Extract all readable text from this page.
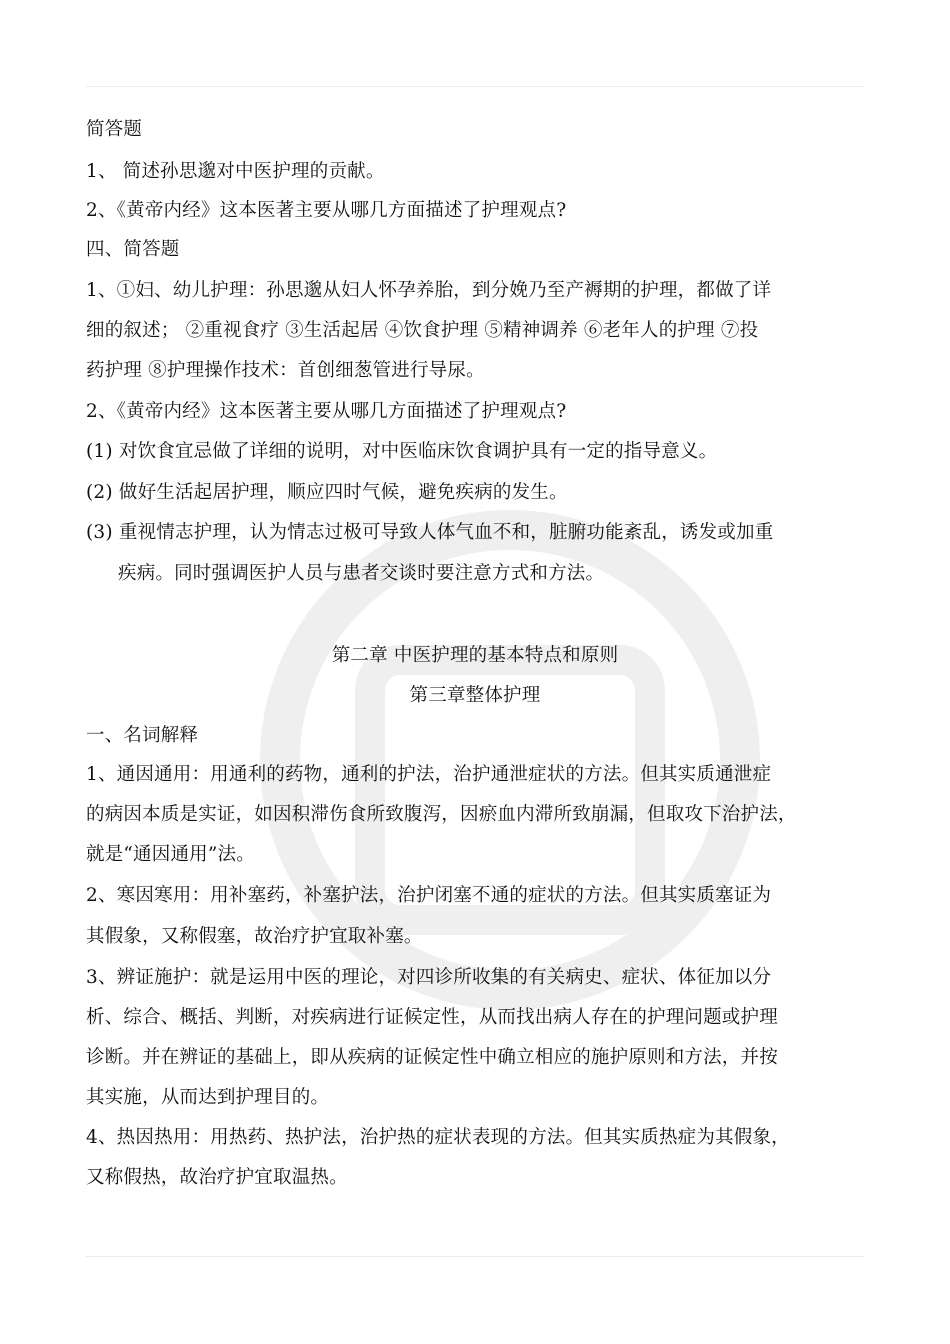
简答题
1、 简述孙思邈对中医护理的贡献。
2、《黄帝内经》这本医著主要从哪几方面描述了护理观点?
四、简答题
1、①妇、幼儿护理：孙思邈从妇人怀孕养胎，到分娩乃至产褥期的护理，都做了详
细的叙述； ②重视食疗 ③生活起居 ④饮食护理 ⑤精神调养 ⑥老年人的护理 ⑦投
药护理 ⑧护理操作技术：首创细葱管进行导尿。
2、《黄帝内经》这本医著主要从哪几方面描述了护理观点?
(1) 对饮食宜忌做了详细的说明，对中医临床饮食调护具有一定的指导意义。
(2) 做好生活起居护理，顺应四时气候，避免疾病的发生。
(3) 重视情志护理，认为情志过极可导致人体气血不和，脏腑功能紊乱，诱发或加重
疾病。同时强调医护人员与患者交谈时要注意方式和方法。
第二章 中医护理的基本特点和原则
第三章整体护理
一、名词解释
1、通因通用：用通利的药物，通利的护法，治护通泄症状的方法。但其实质通泄症
的病因本质是实证，如因积滞伤食所致腹泻，因瘀血内滞所致崩漏，但取攻下治护法，
就是“通因通用”法。
2、寒因寒用：用补塞药，补塞护法，治护闭塞不通的症状的方法。但其实质塞证为
其假象，又称假塞，故治疗护宜取补塞。
3、辨证施护：就是运用中医的理论，对四诊所收集的有关病史、症状、体征加以分
析、综合、概括、判断，对疾病进行证候定性，从而找出病人存在的护理问题或护理
诊断。并在辨证的基础上，即从疾病的证候定性中确立相应的施护原则和方法，并按
其实施，从而达到护理目的。
4、热因热用：用热药、热护法，治护热的症状表现的方法。但其实质热症为其假象，
又称假热，故治疗护宜取温热。
